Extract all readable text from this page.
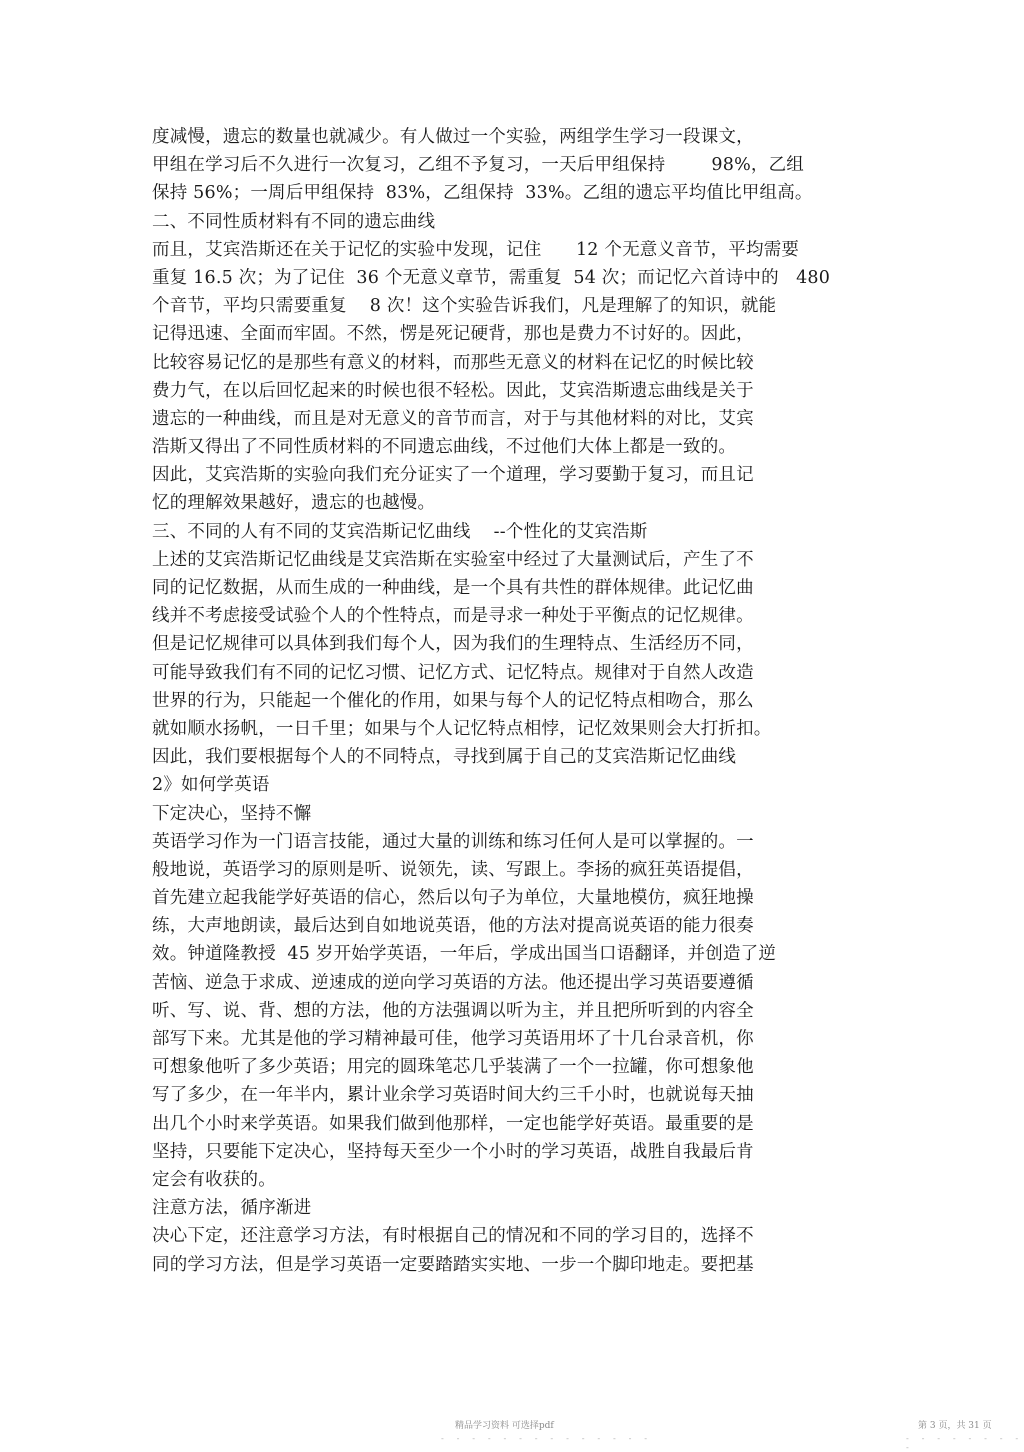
度减慢，遗忘的数量也就减少。有人做过一个实验，两组学生学习一段课文，
甲组在学习后不久进行一次复习，乙组不予复习，一天后甲组保持        98%，乙组
保持 56%；一周后甲组保持  83%，乙组保持  33%。乙组的遗忘平均值比甲组高。
二、不同性质材料有不同的遗忘曲线
而且，艾宾浩斯还在关于记忆的实验中发现，记住      12 个无意义音节，平均需要
重复 16.5 次；为了记住  36 个无意义章节，需重复  54 次；而记忆六首诗中的   480
个音节，平均只需要重复    8 次！这个实验告诉我们，凡是理解了的知识，就能
记得迅速、全面而牢固。不然，愣是死记硬背，那也是费力不讨好的。因此，
比较容易记忆的是那些有意义的材料，而那些无意义的材料在记忆的时候比较
费力气，在以后回忆起来的时候也很不轻松。因此，艾宾浩斯遗忘曲线是关于
遗忘的一种曲线，而且是对无意义的音节而言，对于与其他材料的对比，艾宾
浩斯又得出了不同性质材料的不同遗忘曲线，不过他们大体上都是一致的。
因此，艾宾浩斯的实验向我们充分证实了一个道理，学习要勤于复习，而且记
忆的理解效果越好，遗忘的也越慢。
三、不同的人有不同的艾宾浩斯记忆曲线    --个性化的艾宾浩斯
上述的艾宾浩斯记忆曲线是艾宾浩斯在实验室中经过了大量测试后，产生了不
同的记忆数据，从而生成的一种曲线，是一个具有共性的群体规律。此记忆曲
线并不考虑接受试验个人的个性特点，而是寻求一种处于平衡点的记忆规律。
但是记忆规律可以具体到我们每个人，因为我们的生理特点、生活经历不同，
可能导致我们有不同的记忆习惯、记忆方式、记忆特点。规律对于自然人改造
世界的行为，只能起一个催化的作用，如果与每个人的记忆特点相吻合，那么
就如顺水扬帆，一日千里；如果与个人记忆特点相悖，记忆效果则会大打折扣。
因此，我们要根据每个人的不同特点，寻找到属于自己的艾宾浩斯记忆曲线
2》如何学英语
下定决心，坚持不懈
英语学习作为一门语言技能，通过大量的训练和练习任何人是可以掌握的。一
般地说，英语学习的原则是听、说领先，读、写跟上。李扬的疯狂英语提倡，
首先建立起我能学好英语的信心，然后以句子为单位，大量地模仿，疯狂地操
练，大声地朗读，最后达到自如地说英语，他的方法对提高说英语的能力很奏
效。钟道隆教授  45 岁开始学英语，一年后，学成出国当口语翻译，并创造了逆
苦恼、逆急于求成、逆速成的逆向学习英语的方法。他还提出学习英语要遵循
听、写、说、背、想的方法，他的方法强调以听为主，并且把所听到的内容全
部写下来。尤其是他的学习精神最可佳，他学习英语用坏了十几台录音机，你
可想象他听了多少英语；用完的圆珠笔芯几乎装满了一个一拉罐，你可想象他
写了多少，在一年半内，累计业余学习英语时间大约三千小时，也就说每天抽
出几个小时来学英语。如果我们做到他那样，一定也能学好英语。最重要的是
坚持，只要能下定决心，坚持每天至少一个小时的学习英语，战胜自我最后肯
定会有收获的。
注意方法，循序渐进
决心下定，还注意学习方法，有时根据自己的情况和不同的学习目的，选择不
同的学习方法，但是学习英语一定要踏踏实实地、一步一个脚印地走。要把基
精品学习资料 可选择pdf	第 3 页，共 31 页
- - - - - - - - - - - - - -	- - - - - - - - -
